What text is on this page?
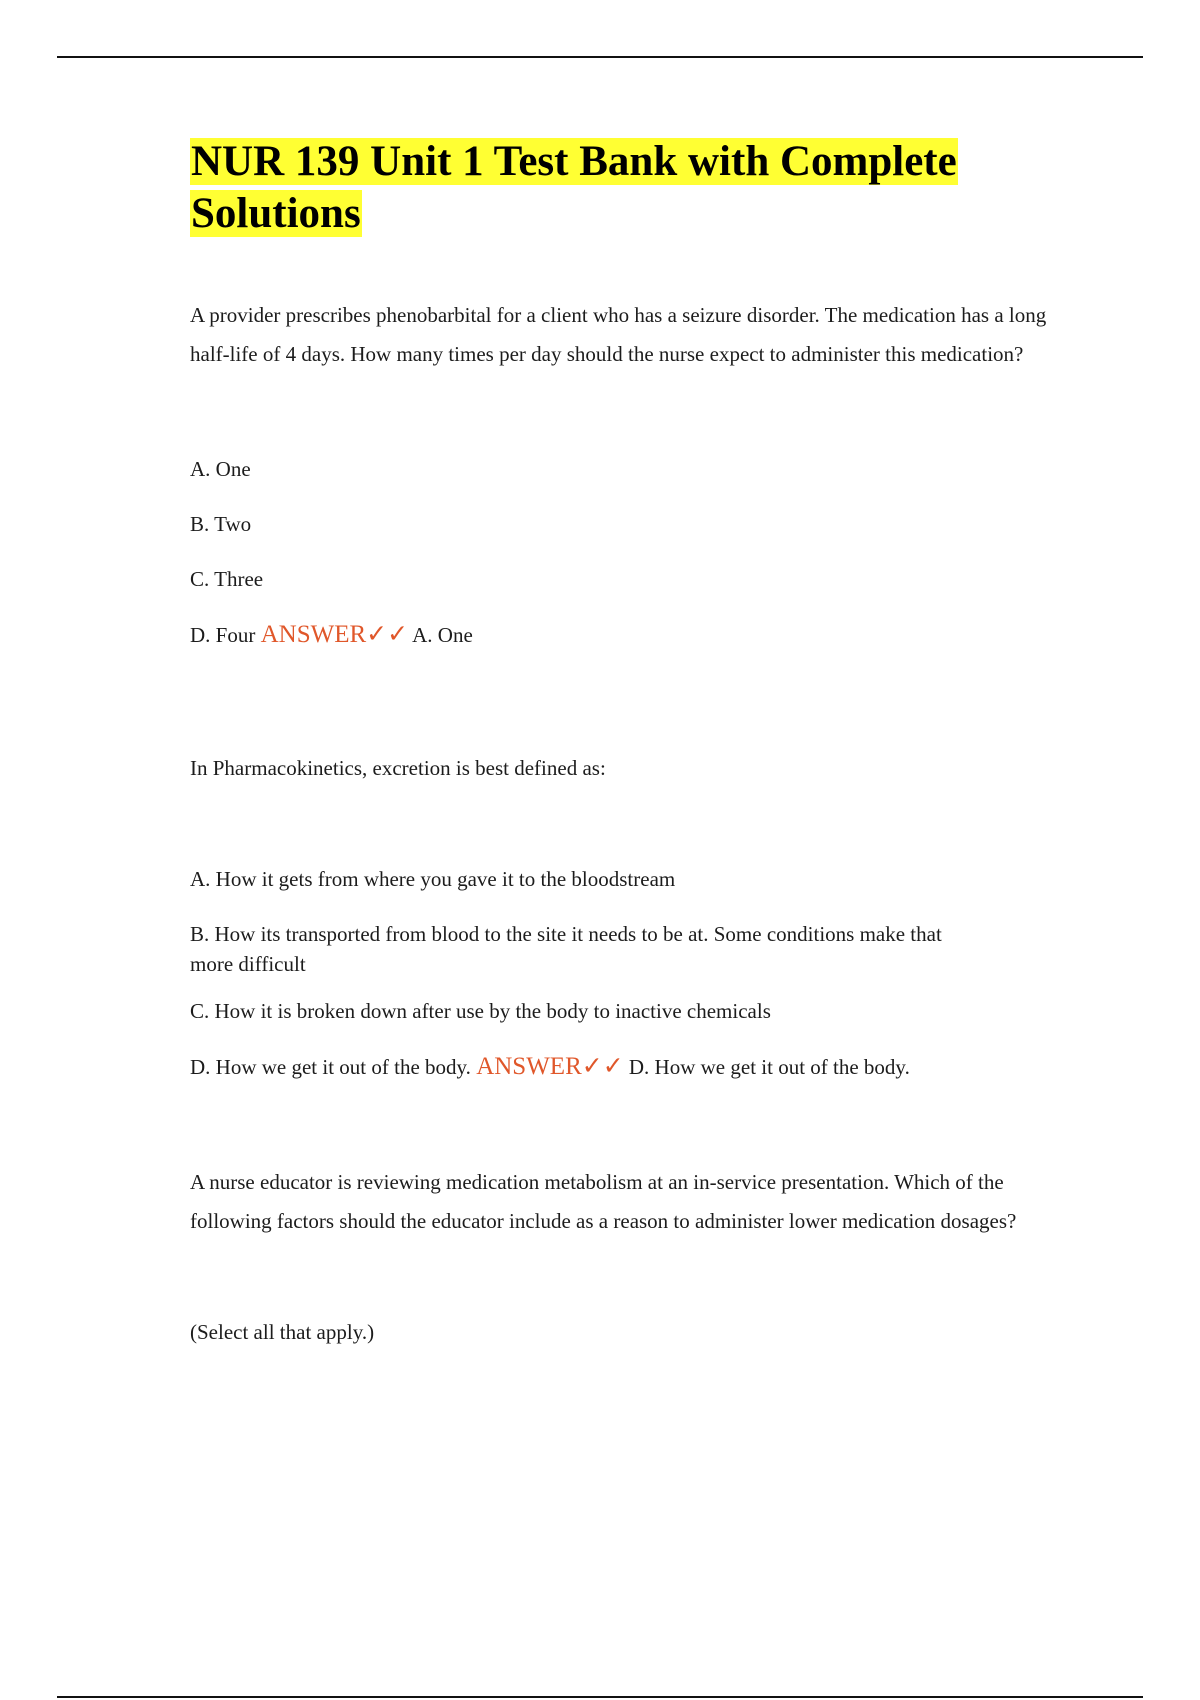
NUR 139 Unit 1 Test Bank with Complete Solutions

A provider prescribes phenobarbital for a client who has a seizure disorder. The medication has a long half-life of 4 days. How many times per day should the nurse expect to administer this medication?

A. One

B. Two

C. Three

D. Four ANSWER✓✓ A. One

In Pharmacokinetics, excretion is best defined as:

A. How it gets from where you gave it to the bloodstream

B. How its transported from blood to the site it needs to be at. Some conditions make that

more difficult

C. How it is broken down after use by the body to inactive chemicals

D. How we get it out of the body. ANSWER✓✓ D. How we get it out of the body.

A nurse educator is reviewing medication metabolism at an in-service presentation. Which of the following factors should the educator include as a reason to administer lower medication dosages?

(Select all that apply.)
